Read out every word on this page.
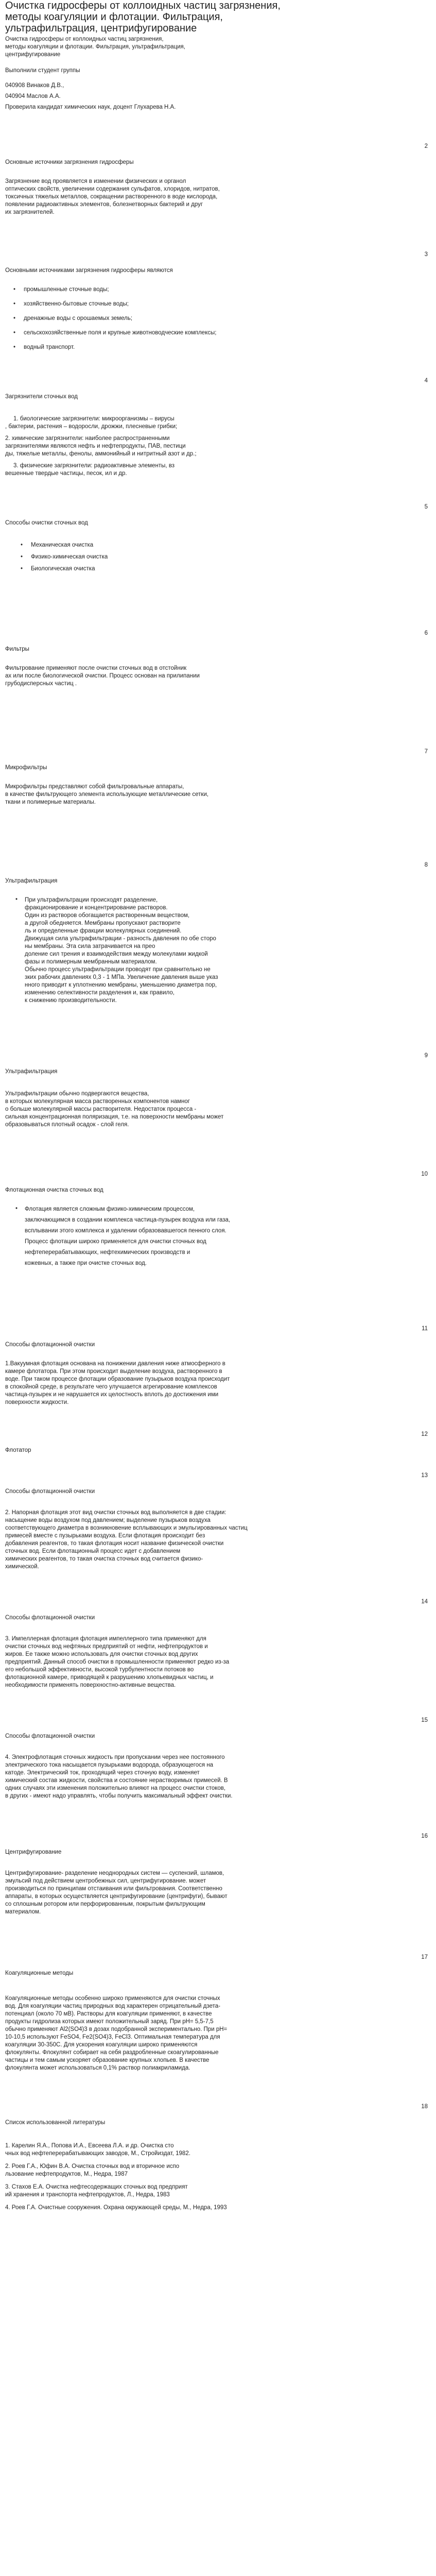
Очистка гидросферы от коллоидных частиц загрязнения,
методы коагуляции и флотации. Фильтрация,
ультрафильтрация, центрифугирование
Очистка гидросферы от коллоидных частиц загрязнения,
методы коагуляции и флотации. Фильтрация, ультрафильтрация,
центрифугирование

Выполнили студент группы

040908 Винаков Д.В.,

040904 Маслов А.А.

Проверила кандидат химических наук, доцент Глухарева Н.А.

2
Основные источники загрязнения гидросферы

Загрязнение вод проявляется в изменении физических и органол

оптических свойств, увеличении содержания сульфатов, хлоридов, нитратов,

токсичных тяжелых металлов, сокращении растворенного в воде кислорода,

появлении радиоактивных элементов, болезнетворных бактерий и друг

их загрязнителей.

3
Основными источниками загрязнения гидросферы являются
• промышленные сточные воды;
• хозяйственно-бытовые сточные воды;
• дренажные воды с орошаемых земель;
• сельскохозяйственные поля и крупные животноводческие комплексы;
• водный транспорт.
4
Загрязнители сточных вод

1. биологические загрязнители: микроорганизмы – вирусы

, бактерии, растения – водоросли, дрожжи, плесневые грибки;

2. химические загрязнители: наиболее распространенными

загрязнителями являются нефть и нефтепродукты, ПАВ, пестици

ды, тяжелые металлы, фенолы, аммонийный и нитритный азот и др.;

3. физические загрязнители: радиоактивные элементы, вз

вешенные твердые частицы, песок, ил и др.

5
Способы очистки сточных вод
• Механическая очистка
• Физико-химическая очистка
• Биологическая очистка
6
Фильтры

Фильтрование применяют после очистки сточных вод в отстойник

ах или после биологической очистки. Процесс основан на прилипании

грубодисперсных частиц .

7
Микрофильтры

Микрофильтры представляют собой фильтровальные аппараты,

в качестве фильтрующего элемента использующие металлические сетки,

ткани и полимерные материалы.

8
Ультрафильтрация
• При ультрафильтрации происходят разделение,

фракционирование и концентрирование растворов.

Один из растворов обогащается растворенным веществом,

а другой обедняется. Мембраны пропускают растворите

ль и определенные фракции молекулярных соединений.

Движущая сила ультрафильтрации - разность давления по обе сторо

ны мембраны. Эта сила затрачивается на прео

доление сил трения и взаимодействия между молекулами жидкой

фазы и полимерным мембранным материалом.

Обычно процесс ультрафильтрации проводят при сравнительно не

зких рабочих давлениях 0,3 - 1 МПа. Увеличение давления выше указ

нного приводит к уплотнению мембраны, уменьшению диаметра пор,

изменению селективности разделения и, как правило,

к снижению производительности.

9
Ультрафильтрация

Ультрафильтрации обычно подвергаются вещества,

в которых молекулярная масса растворенных компонентов намног

о больше молекулярной массы растворителя. Недостаток процесса -

сильная концентрационная поляризация, т.е. на поверхности мембраны может

образовываться плотный осадок - слой геля.

10
Флотационная очистка сточных вод
• Флотация является сложным физико-химическим процессом,

заключающимся в создании комплекса частица-пузырек воздуха или газа,

всплывании этого комплекса и удалении образовавшегося пенного слоя.

Процесс флотации широко применяется для очистки сточных вод

нефтеперерабатывающих, нефтехимических производств и

кожевных, а также при очистке сточных вод.

11
Способы флотационной очистки

1.Вакуумная флотация основана на понижении давления ниже атмосферного в

камере флотатора. При этом происходит выделение воздуха, растворенного в

воде. При таком процессе флотации образование пузырьков воздуха происходит

в спокойной среде, в результате чего улучшается агрегирование комплексов

частица-пузырек и не нарушается их целостность вплоть до достижения ими

поверхности жидкости.

12
Флотатор
13
Способы флотационной очистки

2. Напорная флотация этот вид очистки сточных вод выполняется в две стадии:

насыщение воды воздухом под давлением; выделение пузырьков воздуха

соответствующего диаметра в возникновение всплывающих и эмульгированных частиц

примесей вместе с пузырьками воздуха. Если флотация происходит без

добавления реагентов, то такая флотация носит название физической очистки

сточных вод. Если флотационный процесс идет с добавлением

химических реагентов, то такая очистка сточных вод считается физико-

химической.

14
Способы флотационной очистки

3. Импеллерная флотация флотация импеллерного типа применяют для

очистки сточных вод нефтяных предприятий от нефти, нефтепродуктов и

жиров. Ее также можно использовать для очистки сточных вод других

предприятий. Данный способ очистки в промышленности применяют редко из-за

его небольшой эффективности, высокой турбулентности потоков во

флотационной камере, приводящей к разрушению хлопьевидных частиц, и

необходимости применять поверхностно-активные вещества.

15
Способы флотационной очистки

4. Электрофлотация сточных жидкость при пропускании через нее постоянного

электрического тока насыщается пузырьками водорода, образующегося на

катоде. Электрический ток, проходящий через сточную воду, изменяет

химический состав жидкости, свойства и состояние нерастворимых примесей. В

одних случаях эти изменения положительно влияют на процесс очистки стоков,

в других - имеют надо управлять, чтобы получить максимальный эффект очистки.

16
Центрифугирование

Центрифугирование- разделение неоднородных систем — суспензий, шламов,

эмульсий под действием центробежных сил, центрифугирование. может

производиться по принципам отстаивания или фильтрования. Соответственно

аппараты, в которых осуществляется центрифугирование (центрифуги), бывают

со сплошным ротором или перфорированным, покрытым фильтрующим

материалом.

17
Коагуляционные методы

Коагуляционные методы особенно широко применяются для очистки сточных

вод. Для коагуляции частиц природных вод характерен отрицательный дзета-

потенциал (около 70 мВ). Растворы для коагуляции применяют, в качестве

продукты гидролиза которых имеют положительный заряд. При pH= 5,5-7,5

обычно применяют Al2(SO4)3 в дозах подобранной экспериментально. При pH=

10-10,5 используют FeSO4, Fe2(SO4)3, FeCl3. Оптимальная температура для

коагуляции 30-350С. Для ускорения коагуляции широко применяются

флокулянты. Флокулянт собирает на себя раздробленные скоагулированные

частицы и тем самым ускоряет образование крупных хлопьев. В качестве

флокулянта может использоваться 0,1% раствор полиакриламида.

18
Список использованной литературы

1. Карелин Я.А., Попова И.А., Евсеева Л.А. и др. Очистка сто

чных вод нефтеперерабатывающих заводов, М., Стройиздат, 1982.

2. Роев Г.А., Юфин В.А. Очистка сточных вод и вторичное испо

льзование нефтепродуктов, М., Недра, 1987

3. Стахов Е.А. Очистка нефтесодержащих сточных вод предприят

ий хранения и транспорта нефтепродуктов, Л., Недра, 1983

4. Роев Г.А. Очистные сооружения. Охрана окружающей среды, М., Недра, 1993
